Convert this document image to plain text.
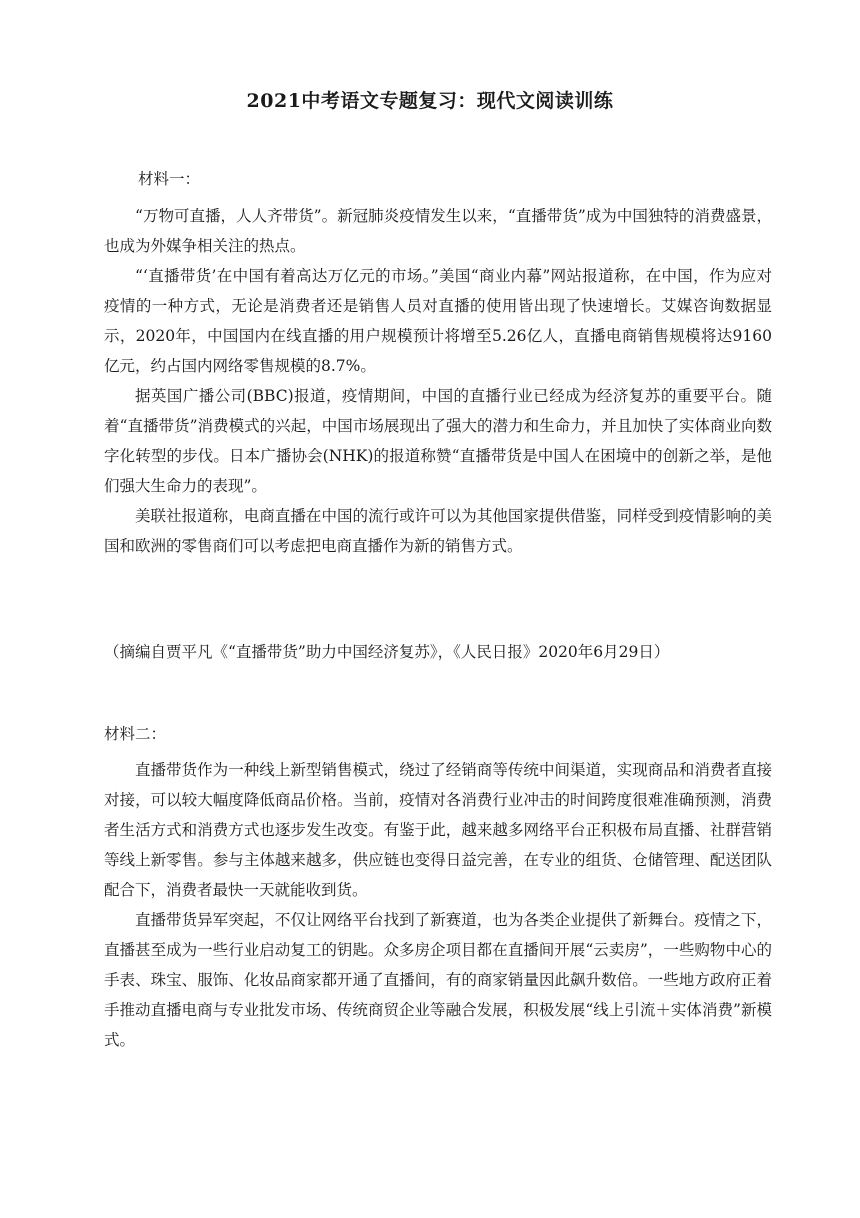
2021中考语文专题复习：现代文阅读训练
材料一：

“万物可直播，人人齐带货”。新冠肺炎疫情发生以来，“直播带货”成为中国独特的消费盛景，也成为外媒争相关注的热点。

“‘直播带货’在中国有着高达万亿元的市场。”美国“商业内幕”网站报道称，在中国，作为应对疫情的一种方式，无论是消费者还是销售人员对直播的使用皆出现了快速增长。艾媒咨询数据显示，2020年，中国国内在线直播的用户规模预计将增至5.26亿人，直播电商销售规模将达9160亿元，约占国内网络零售规模的8.7%。

据英国广播公司(BBC)报道，疫情期间，中国的直播行业已经成为经济复苏的重要平台。随着“直播带货”消费模式的兴起，中国市场展现出了强大的潜力和生命力，并且加快了实体商业向数字化转型的步伐。日本广播协会(NHK)的报道称赞“直播带货是中国人在困境中的创新之举，是他们强大生命力的表现”。

美联社报道称，电商直播在中国的流行或许可以为其他国家提供借鉴，同样受到疫情影响的美国和欧洲的零售商们可以考虑把电商直播作为新的销售方式。

（摘编自贾平凡《“直播带货”助力中国经济复苏》，《人民日报》2020年6月29日）
材料二：

直播带货作为一种线上新型销售模式，绕过了经销商等传统中间渠道，实现商品和消费者直接对接，可以较大幅度降低商品价格。当前，疫情对各消费行业冲击的时间跨度很难准确预测，消费者生活方式和消费方式也逐步发生改变。有鉴于此，越来越多网络平台正积极布局直播、社群营销等线上新零售。参与主体越来越多，供应链也变得日益完善，在专业的组货、仓储管理、配送团队配合下，消费者最快一天就能收到货。

直播带货异军突起，不仅让网络平台找到了新赛道，也为各类企业提供了新舞台。疫情之下，直播甚至成为一些行业启动复工的钥匙。众多房企项目都在直播间开展“云卖房”，一些购物中心的手表、珠宝、服饰、化妆品商家都开通了直播间，有的商家销量因此飙升数倍。一些地方政府正着手推动直播电商与专业批发市场、传统商贸企业等融合发展，积极发展“线上引流＋实体消费”新模式。
